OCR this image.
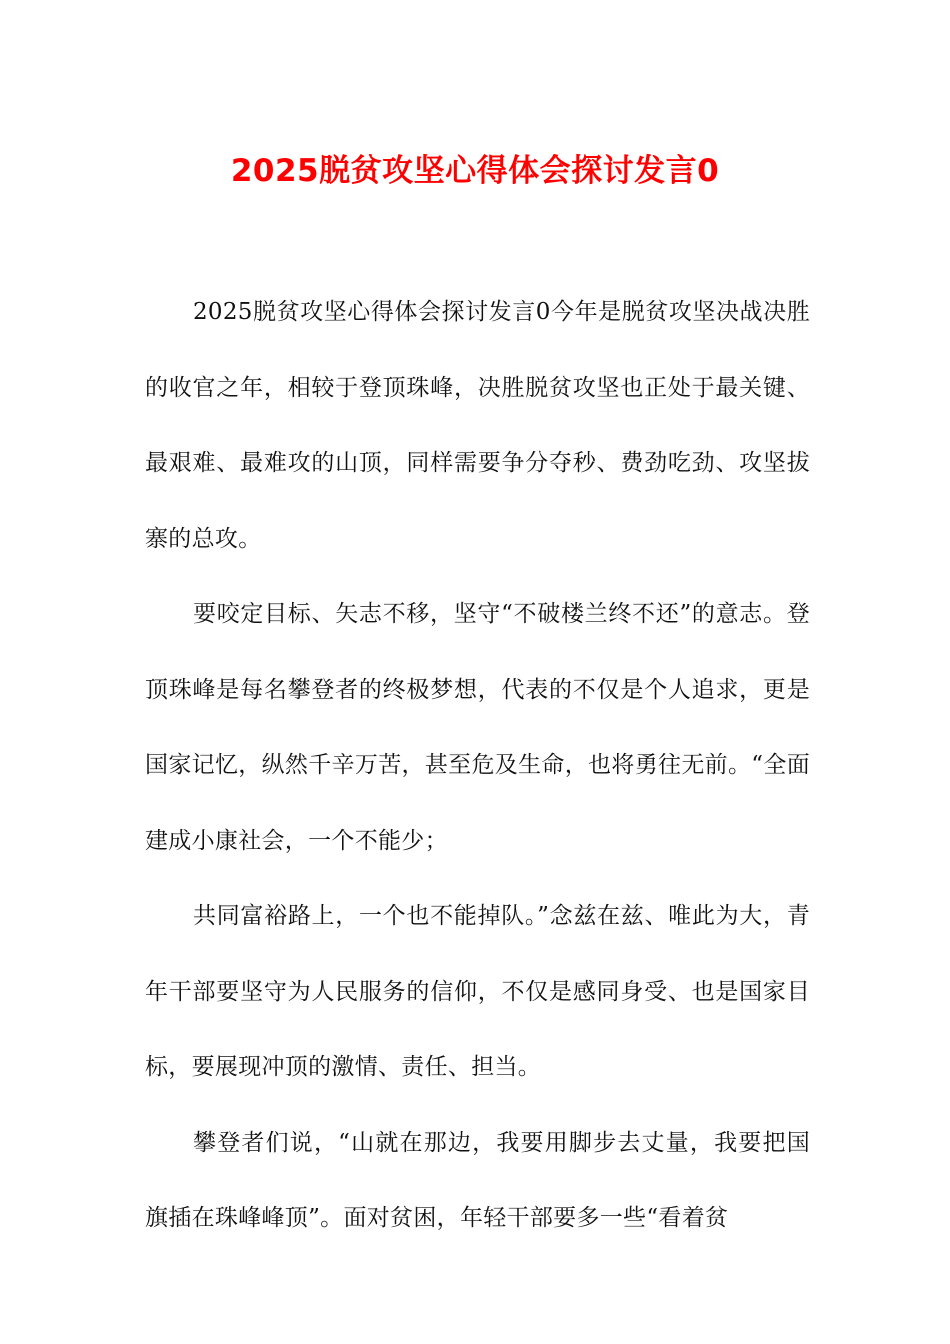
2025脱贫攻坚心得体会探讨发言0

2025脱贫攻坚心得体会探讨发言0今年是脱贫攻坚决战决胜的收官之年，相较于登顶珠峰，决胜脱贫攻坚也正处于最关键、最艰难、最难攻的山顶，同样需要争分夺秒、费劲吃劲、攻坚拔寨的总攻。

要咬定目标、矢志不移，坚守“不破楼兰终不还”的意志。登顶珠峰是每名攀登者的终极梦想，代表的不仅是个人追求，更是国家记忆，纵然千辛万苦，甚至危及生命，也将勇往无前。“全面建成小康社会，一个不能少；

共同富裕路上，一个也不能掉队。”念兹在兹、唯此为大，青年干部要坚守为人民服务的信仰，不仅是感同身受、也是国家目标，要展现冲顶的激情、责任、担当。

攀登者们说，“山就在那边，我要用脚步去丈量，我要把国旗插在珠峰峰顶”。面对贫困，年轻干部要多一些“看着贫
